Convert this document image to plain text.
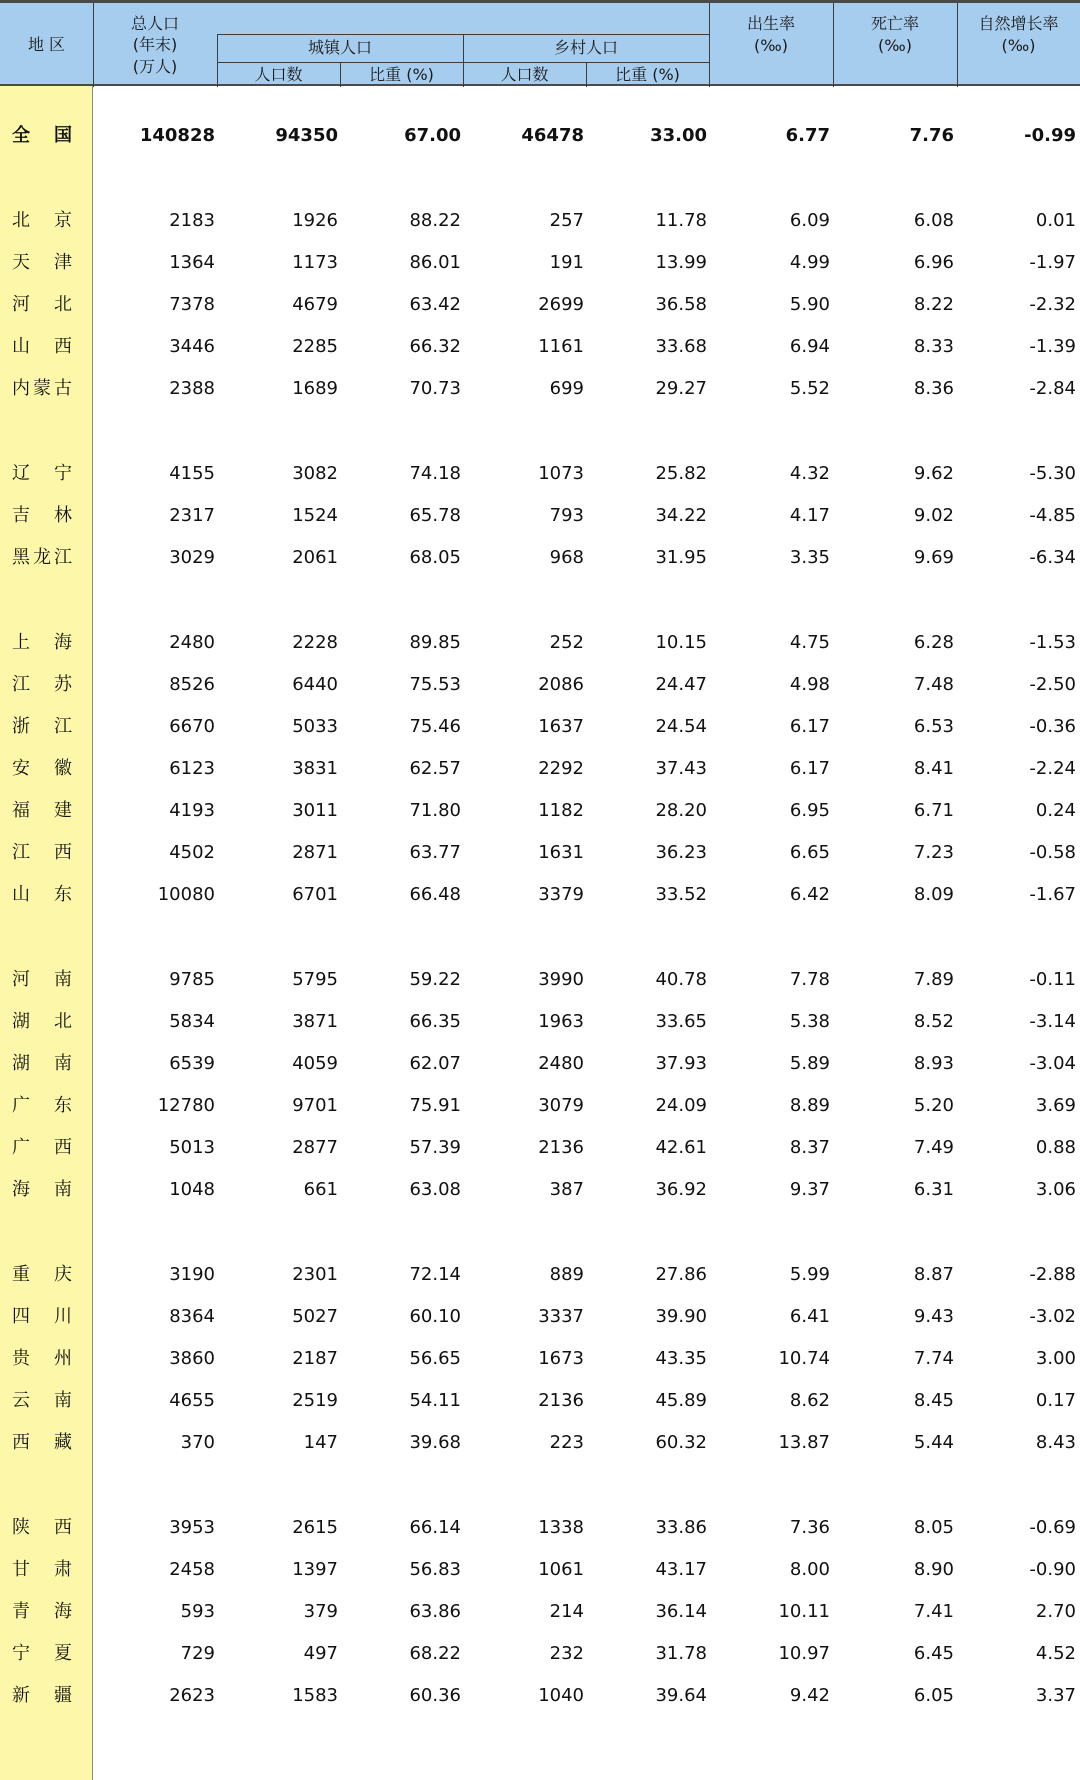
地 区
总人口
(年末)
(万人)
城镇人口	乡村人口
人口数	比重 (%)	人口数	比重 (%)
出生率
(‰)
死亡率
(‰)
自然增长率
(‰)
全 国	140828	94350	67.00	46478	33.00	6.77	7.76	-0.99
北 京	2183	1926	88.22	257	11.78	6.09	6.08	0.01
天 津	1364	1173	86.01	191	13.99	4.99	6.96	-1.97
河 北	7378	4679	63.42	2699	36.58	5.90	8.22	-2.32
山 西	3446	2285	66.32	1161	33.68	6.94	8.33	-1.39
内蒙古	2388	1689	70.73	699	29.27	5.52	8.36	-2.84
辽 宁	4155	3082	74.18	1073	25.82	4.32	9.62	-5.30
吉 林	2317	1524	65.78	793	34.22	4.17	9.02	-4.85
黑龙江	3029	2061	68.05	968	31.95	3.35	9.69	-6.34
上 海	2480	2228	89.85	252	10.15	4.75	6.28	-1.53
江 苏	8526	6440	75.53	2086	24.47	4.98	7.48	-2.50
浙 江	6670	5033	75.46	1637	24.54	6.17	6.53	-0.36
安 徽	6123	3831	62.57	2292	37.43	6.17	8.41	-2.24
福 建	4193	3011	71.80	1182	28.20	6.95	6.71	0.24
江 西	4502	2871	63.77	1631	36.23	6.65	7.23	-0.58
山 东	10080	6701	66.48	3379	33.52	6.42	8.09	-1.67
河 南	9785	5795	59.22	3990	40.78	7.78	7.89	-0.11
湖 北	5834	3871	66.35	1963	33.65	5.38	8.52	-3.14
湖 南	6539	4059	62.07	2480	37.93	5.89	8.93	-3.04
广 东	12780	9701	75.91	3079	24.09	8.89	5.20	3.69
广 西	5013	2877	57.39	2136	42.61	8.37	7.49	0.88
海 南	1048	661	63.08	387	36.92	9.37	6.31	3.06
重 庆	3190	2301	72.14	889	27.86	5.99	8.87	-2.88
四 川	8364	5027	60.10	3337	39.90	6.41	9.43	-3.02
贵 州	3860	2187	56.65	1673	43.35	10.74	7.74	3.00
云 南	4655	2519	54.11	2136	45.89	8.62	8.45	0.17
西 藏	370	147	39.68	223	60.32	13.87	5.44	8.43
陕 西	3953	2615	66.14	1338	33.86	7.36	8.05	-0.69
甘 肃	2458	1397	56.83	1061	43.17	8.00	8.90	-0.90
青 海	593	379	63.86	214	36.14	10.11	7.41	2.70
宁 夏	729	497	68.22	232	31.78	10.97	6.45	4.52
新 疆	2623	1583	60.36	1040	39.64	9.42	6.05	3.37
